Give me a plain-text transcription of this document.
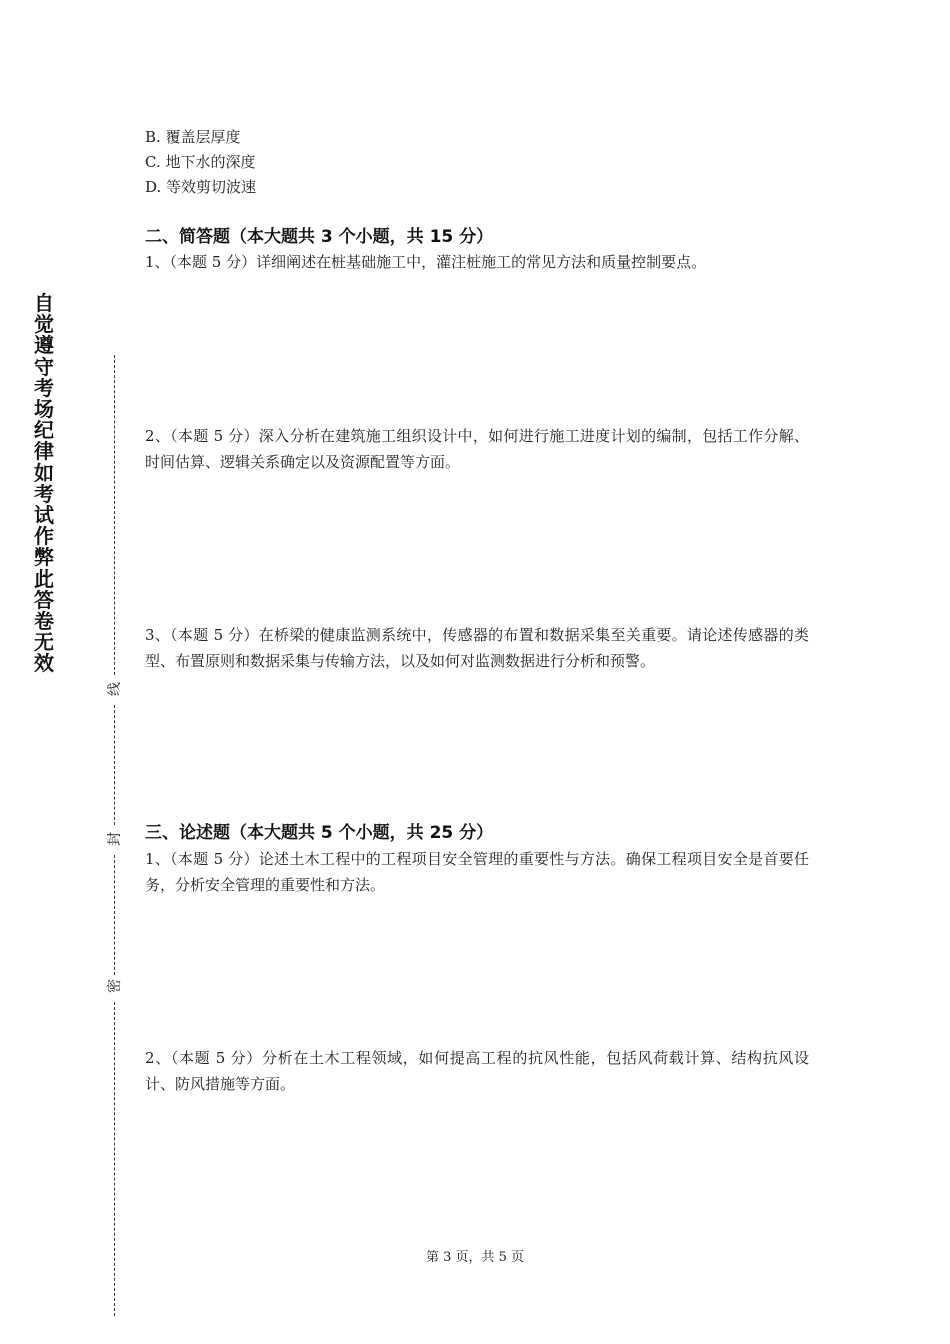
自觉遵守考场纪律如考试作弊此答卷无效
线
封
密
B. 覆盖层厚度
C. 地下水的深度
D. 等效剪切波速
二、简答题（本大题共 3 个小题，共 15 分）
1、（本题 5 分）详细阐述在桩基础施工中，灌注桩施工的常见方法和质量控制要点。
2、（本题 5 分）深入分析在建筑施工组织设计中，如何进行施工进度计划的编制，包括工作分解、时间估算、逻辑关系确定以及资源配置等方面。
3、（本题 5 分）在桥梁的健康监测系统中，传感器的布置和数据采集至关重要。请论述传感器的类型、布置原则和数据采集与传输方法，以及如何对监测数据进行分析和预警。
三、论述题（本大题共 5 个小题，共 25 分）
1、（本题 5 分）论述土木工程中的工程项目安全管理的重要性与方法。确保工程项目安全是首要任务，分析安全管理的重要性和方法。
2、（本题 5 分）分析在土木工程领域，如何提高工程的抗风性能，包括风荷载计算、结构抗风设计、防风措施等方面。
第 3 页，共 5 页
